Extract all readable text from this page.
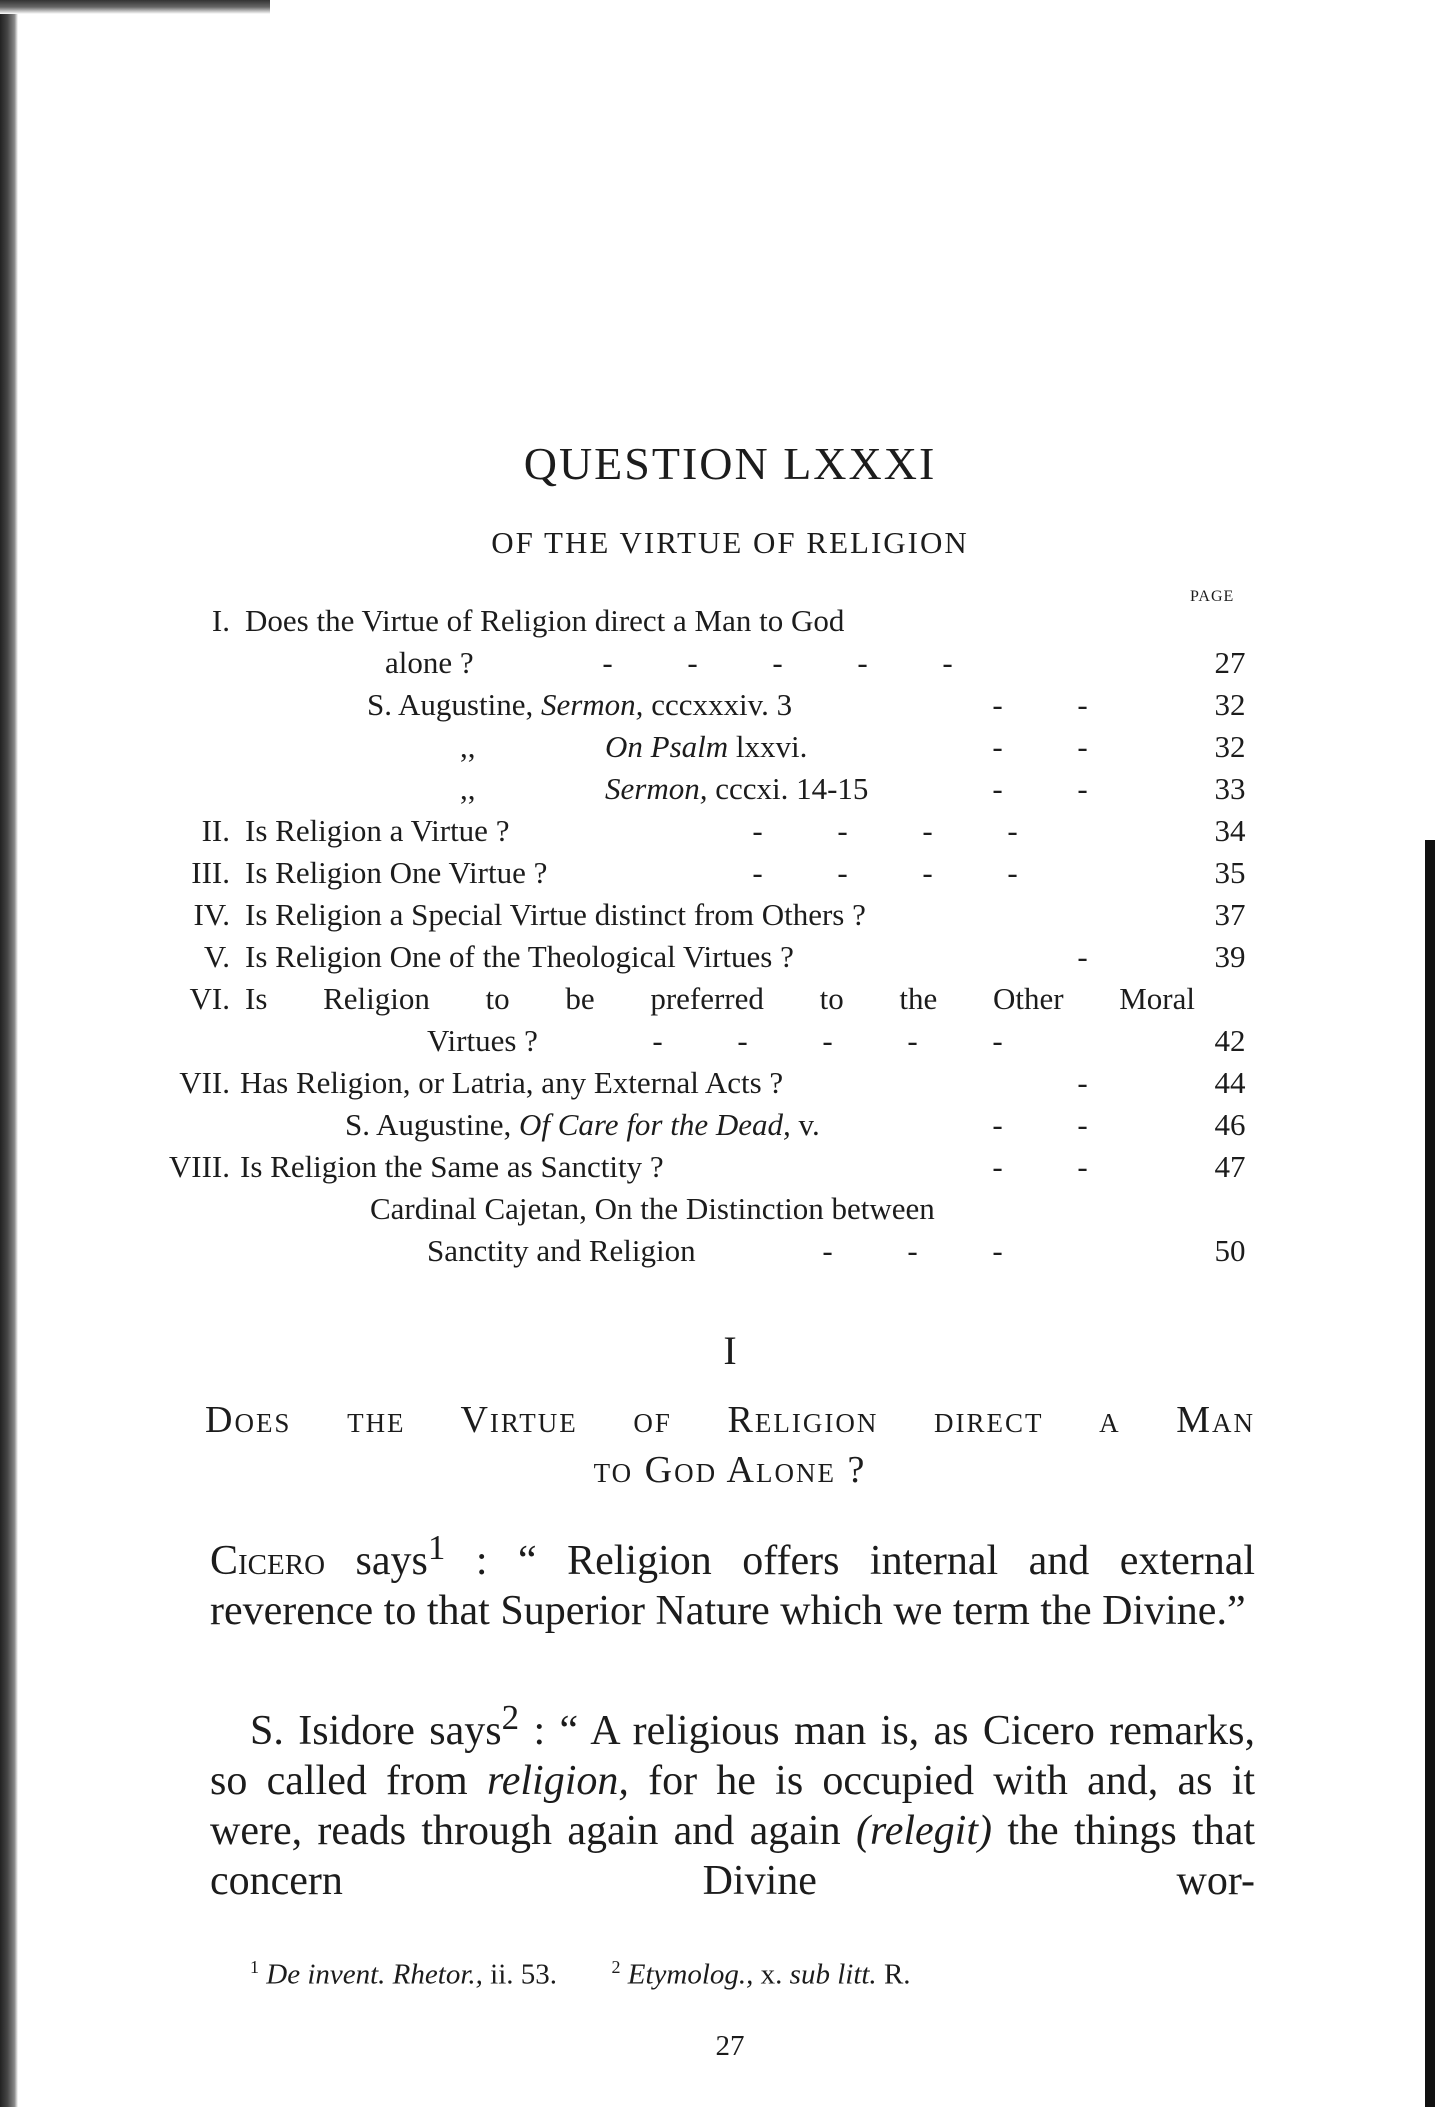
QUESTION LXXXI
OF THE VIRTUE OF RELIGION
PAGE
I. Does the Virtue of Religion direct a Man to God
alone ?	- - - - -	27
S. Augustine, Sermon, cccxxxiv. 3	- -	32
,,	On Psalm lxxvi.	- -	32
,,	Sermon, cccxi. 14-15	- -	33
II. Is Religion a Virtue ?	- - - -	34
III. Is Religion One Virtue ?	- - - -	35
IV. Is Religion a Special Virtue distinct from Others ?	37
V. Is Religion One of the Theological Virtues ?	-	39
VI. Is Religion to be preferred to the Other Moral
Virtues ?	- - - - -	42
VII. Has Religion, or Latria, any External Acts ?	-	44
S. Augustine, Of Care for the Dead, v.	- -	46
VIII. Is Religion the Same as Sanctity ?	- -	47
Cardinal Cajetan, On the Distinction between
Sanctity and Religion	- - -	50
I
Does the Virtue of Religion direct a Man
to God Alone ?

Cicero says$^1$ : “ Religion offers internal and external reverence to that Superior Nature which we term the Divine.”

S. Isidore says$^2$ : “ A religious man is, as Cicero remarks, so called from religion, for he is occupied with and, as it were, reads through again and again (relegit) the things that concern Divine wor-

$^1$ De invent. Rhetor., ii. 53.	$^2$ Etymolog., x. sub litt. R.
27
